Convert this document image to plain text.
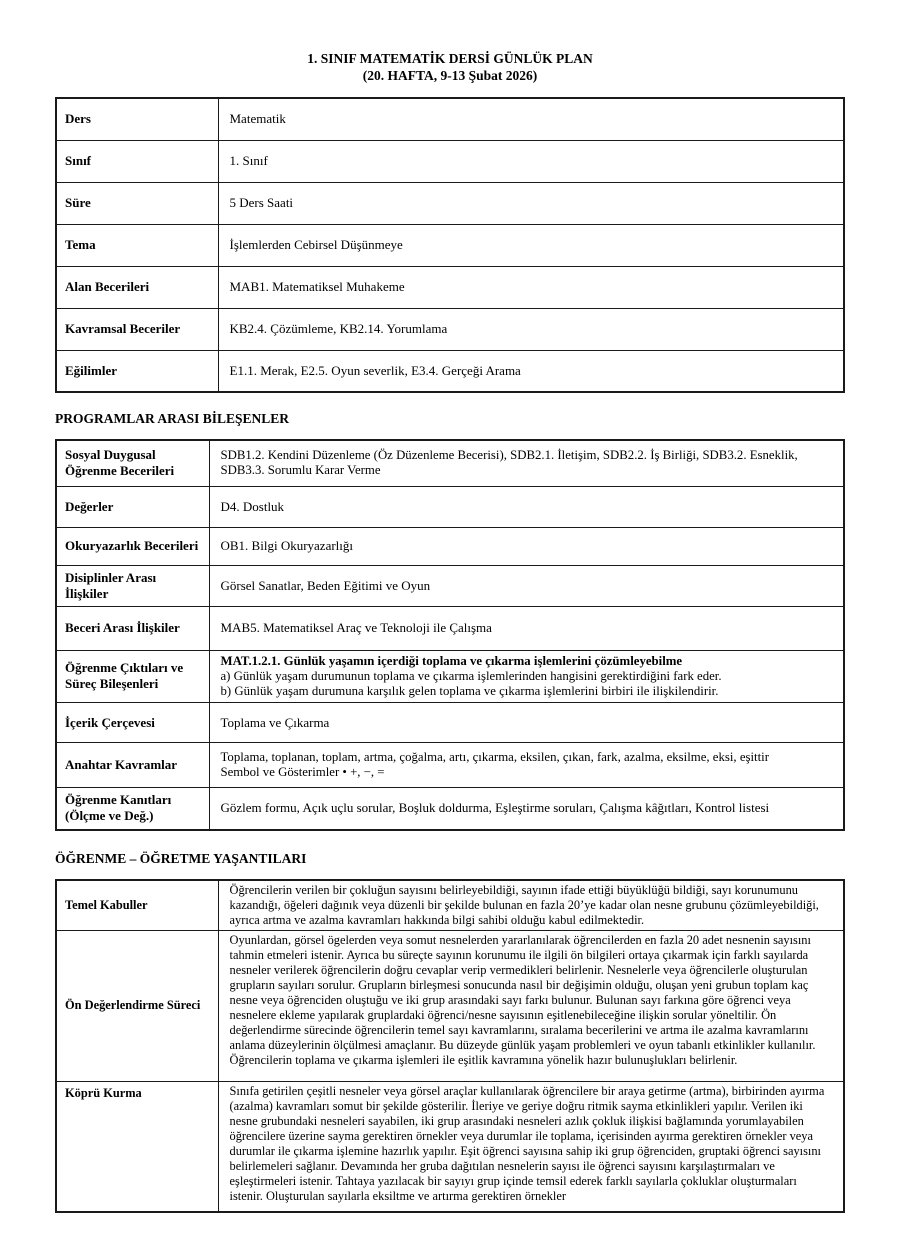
1. SINIF MATEMATİK DERSİ GÜNLÜK PLAN
(20. HAFTA, 9-13 Şubat 2026)
Ders	Matematik
Sınıf	1. Sınıf
Süre	5 Ders Saati
Tema	İşlemlerden Cebirsel Düşünmeye
Alan Becerileri	MAB1. Matematiksel Muhakeme
Kavramsal Beceriler	KB2.4. Çözümleme, KB2.14. Yorumlama
Eğilimler	E1.1. Merak, E2.5. Oyun severlik, E3.4. Gerçeği Arama
PROGRAMLAR ARASI BİLEŞENLER
Sosyal Duygusal Öğrenme Becerileri	SDB1.2. Kendini Düzenleme (Öz Düzenleme Becerisi), SDB2.1. İletişim, SDB2.2. İş Birliği, SDB3.2. Esneklik, SDB3.3. Sorumlu Karar Verme
Değerler	D4. Dostluk
Okuryazarlık Becerileri	OB1. Bilgi Okuryazarlığı
Disiplinler Arası İlişkiler	Görsel Sanatlar, Beden Eğitimi ve Oyun
Beceri Arası İlişkiler	MAB5. Matematiksel Araç ve Teknoloji ile Çalışma
Öğrenme Çıktıları ve Süreç Bileşenleri	MAT.1.2.1. Günlük yaşamın içerdiği toplama ve çıkarma işlemlerini çözümleyebilme
a) Günlük yaşam durumunun toplama ve çıkarma işlemlerinden hangisini gerektirdiğini fark eder.
b) Günlük yaşam durumuna karşılık gelen toplama ve çıkarma işlemlerini birbiri ile ilişkilendirir.

İçerik Çerçevesi	Toplama ve Çıkarma
Anahtar Kavramlar	Toplama, toplanan, toplam, artma, çoğalma, artı, çıkarma, eksilen, çıkan, fark, azalma, eksilme, eksi, eşittir
Sembol ve Gösterimler • +, −, =

Öğrenme Kanıtları (Ölçme ve Değ.)	Gözlem formu, Açık uçlu sorular, Boşluk doldurma, Eşleştirme soruları, Çalışma kâğıtları, Kontrol listesi
ÖĞRENME – ÖĞRETME YAŞANTILARI
Temel Kabuller	Öğrencilerin verilen bir çokluğun sayısını belirleyebildiği, sayının ifade ettiği büyüklüğü bildiği, sayı korunumunu kazandığı, öğeleri dağınık veya düzenli bir şekilde bulunan en fazla 20’ye kadar olan nesne grubunu çözümleyebildiği, ayrıca artma ve azalma kavramları hakkında bilgi sahibi olduğu kabul edilmektedir.
Ön Değerlendirme Süreci	Oyunlardan, görsel ögelerden veya somut nesnelerden yararlanılarak öğrencilerden en fazla 20 adet nesnenin sayısını tahmin etmeleri istenir. Ayrıca bu süreçte sayının korunumu ile ilgili ön bilgileri ortaya çıkarmak için farklı sayılarda nesneler verilerek öğrencilerin doğru cevaplar verip vermedikleri belirlenir. Nesnelerle veya öğrencilerle oluşturulan grupların sayıları sorulur. Grupların birleşmesi sonucunda nasıl bir değişimin olduğu, oluşan yeni grubun toplam kaç nesne veya öğrenciden oluştuğu ve iki grup arasındaki sayı farkı bulunur. Bulunan sayı farkına göre öğrenci veya nesnelere ekleme yapılarak gruplardaki öğrenci/nesne sayısının eşitlenebileceğine ilişkin sorular yöneltilir. Ön değerlendirme sürecinde öğrencilerin temel sayı kavramlarını, sıralama becerilerini ve artma ile azalma kavramlarını anlama düzeylerinin ölçülmesi amaçlanır. Bu düzeyde günlük yaşam problemleri ve oyun tabanlı etkinlikler kullanılır. Öğrencilerin toplama ve çıkarma işlemleri ile eşitlik kavramına yönelik hazır bulunuşlukları belirlenir.
Köprü Kurma	Sınıfa getirilen çeşitli nesneler veya görsel araçlar kullanılarak öğrencilere bir araya getirme (artma), birbirinden ayırma (azalma) kavramları somut bir şekilde gösterilir. İleriye ve geriye doğru ritmik sayma etkinlikleri yapılır. Verilen iki nesne grubundaki nesneleri sayabilen, iki grup arasındaki nesneleri azlık çokluk ilişkisi bağlamında yorumlayabilen öğrencilere üzerine sayma gerektiren örnekler veya durumlar ile toplama, içerisinden ayırma gerektiren örnekler veya durumlar ile çıkarma işlemine hazırlık yapılır. Eşit öğrenci sayısına sahip iki grup öğrenciden, gruptaki öğrenci sayısını belirlemeleri sağlanır. Devamında her gruba dağıtılan nesnelerin sayısı ile öğrenci sayısını karşılaştırmaları ve eşleştirmeleri istenir. Tahtaya yazılacak bir sayıyı grup içinde temsil ederek farklı sayılarla çokluklar oluşturmaları istenir. Oluşturulan sayılarla eksiltme ve artırma gerektiren örnekler
